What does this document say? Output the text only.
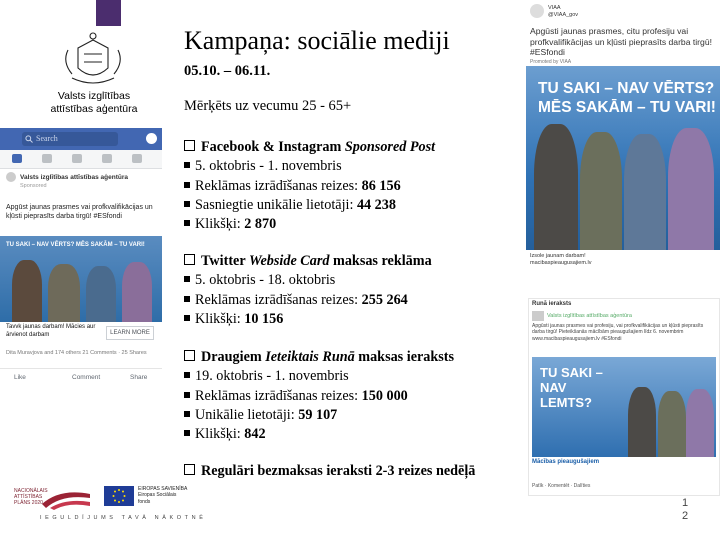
Valsts izglītības
attīstības aģentūra
Kampaņa: sociālie mediji
05.10. – 06.11.
Mērķēts uz vecumu 25 - 65+
Facebook & Instagram Sponsored Post
5. oktobris - 1. novembris
Reklāmas izrādīšanas reizes: 86 156
Sasniegtie unikālie lietotāji: 44 238
Klikšķi: 2 870
Twitter Webside Card maksas reklāma
5. oktobris - 18. oktobris
Reklāmas izrādīšanas reizes: 255 264
Klikšķi: 10 156
Draugiem Ieteiktais Runā maksas ieraksts
19. oktobris - 1. novembris
Reklāmas izrādīšanas reizes: 150 000
Unikālie lietotāji: 59 107
Klikšķi: 842
Regulāri bezmaksas ieraksti 2-3 reizes nedēļā
Search
Valsts izglītības attīstības aģentūra
Sponsored
Apgūst jaunas prasmes vai profkvalifikācijas un kļūsti pieprasīts darba tirgū! #ESfondi
TU SAKI – NAV VĒRTS? MĒS SAKĀM – TU VARI!
Tavvk jaunas darbam! Mācies aur ārvienot darbam	LEARN MORE
Dita Muravjova and 174 others 21 Comments · 25 Shares
Like	Comment	Share
VIAA
@VIAA_gov
Apgūsti jaunas prasmes, citu profesiju vai profkvalifikācijas un kļūsti pieprasīts darba tirgū! #ESfondi
Promoted by VIAA
TU SAKI – NAV VĒRTS?
MĒS SAKĀM – TU VARI!
Izsole jaunam darbam!
macibaspieaugusajiem.lv
Runā ieraksts
Valsts izglītības attīstības aģentūra
Apgūsti jaunas prasmes vai profesiju, vai profkvalifikācijas un kļūsti pieprasīts darba tirgū! Pieteikšanās mācībām pieaugušajiem līdz 6. novembrim www.macibaspieaugusajiem.lv #ESfondi
TU SAKI – NAV LEMTS?
Mācības pieaugušajiem
Patīk · Komentēt · Dalīties
NACIONĀLAIS
ATTĪSTĪBAS
PLĀNS 2020
EIROPAS SAVIENĪBA
Eiropas Sociālais
fonds
IEGULDĪJUMS TAVĀ NĀKOTNĒ
1
2
